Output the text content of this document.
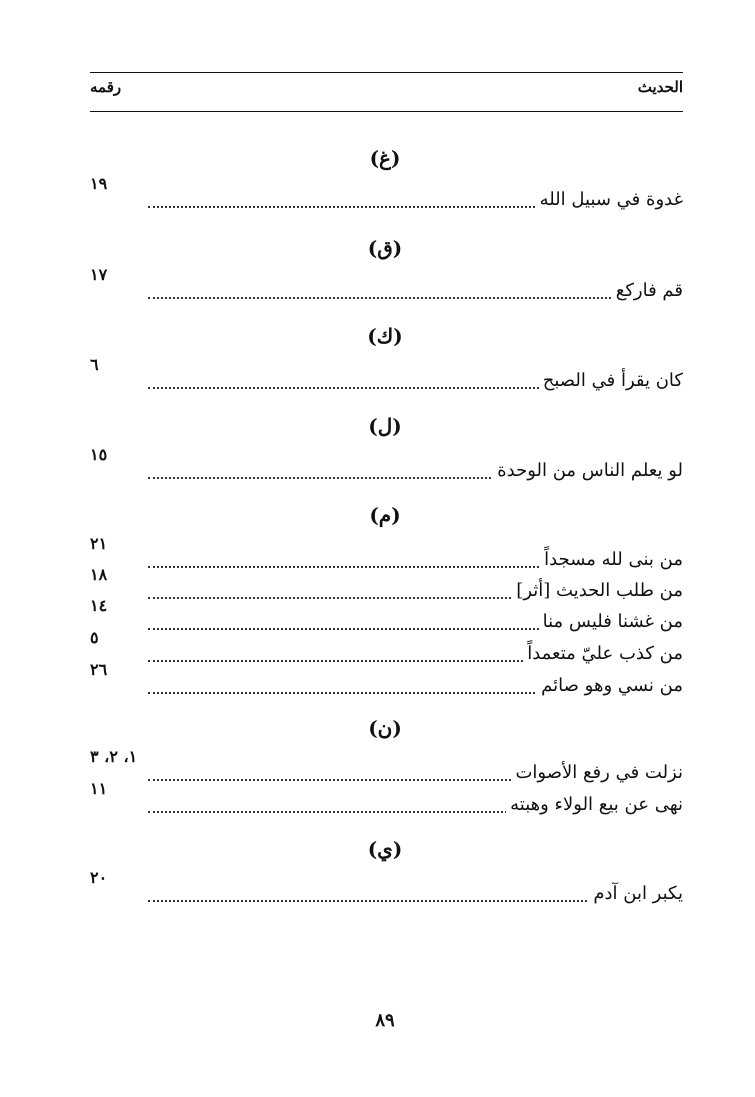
الحديث
رقمه
(غ)
غدوة في سبيل الله
١٩
(ق)
قم فاركع
١٧
(ك)
كان يقرأ في الصبح
٦
(ل)
لو يعلم الناس من الوحدة
١٥
(م)
من بنى لله مسجداً
٢١
من طلب الحديث [أثر]
١٨
من غشنا فليس منا
١٤
من كذب عليّ متعمداً
٥
من نسي وهو صائم
٢٦
(ن)
نزلت في رفع الأصوات
١، ٢، ٣
نهى عن بيع الولاء وهبته
١١
(ي)
يكبر ابن آدم
٢٠
٨٩
